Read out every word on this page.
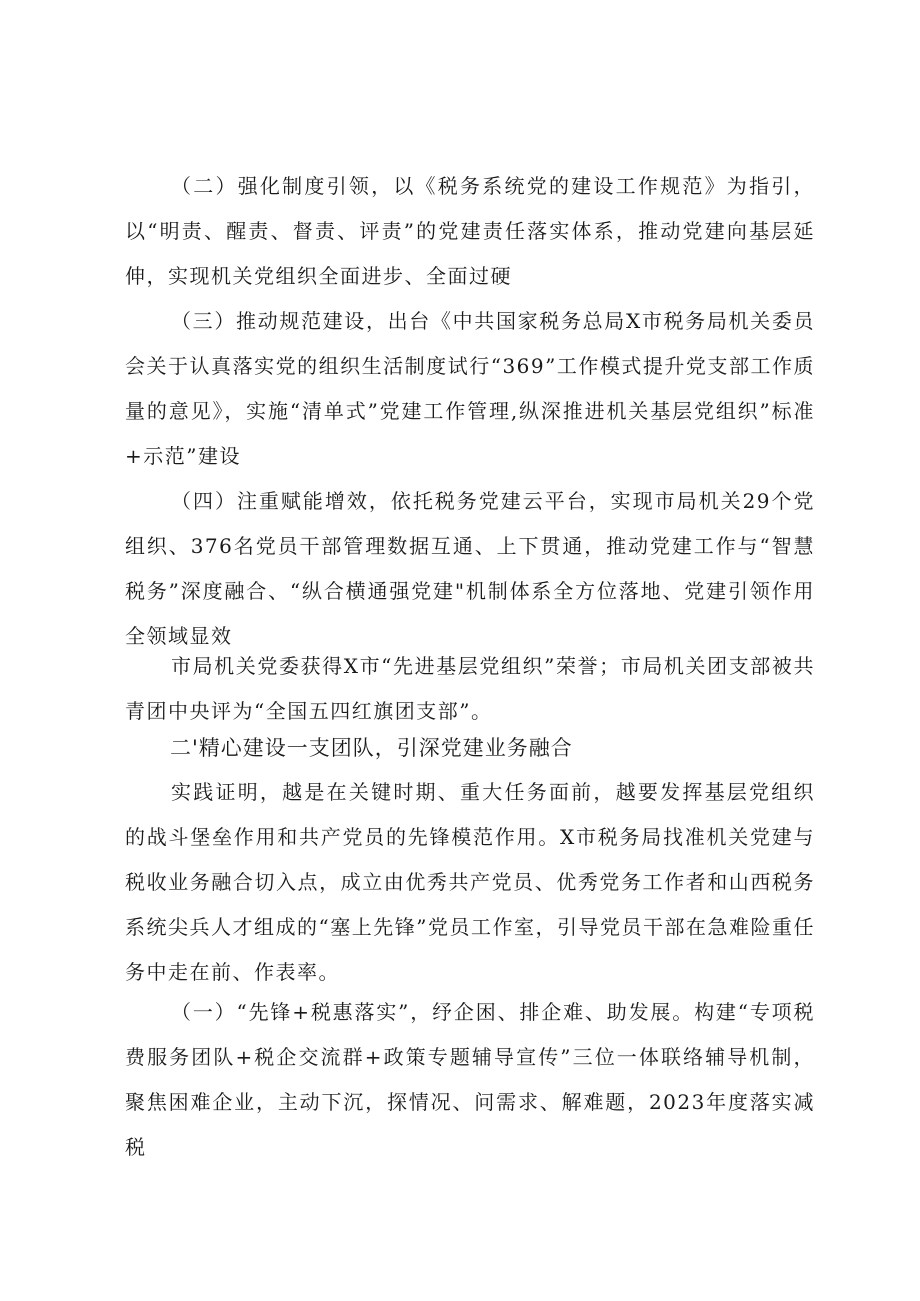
（二）强化制度引领，以《税务系统党的建设工作规范》为指引，以“明责、醒责、督责、评责”的党建责任落实体系，推动党建向基层延伸，实现机关党组织全面进步、全面过硬

（三）推动规范建设，出台《中共国家税务总局X市税务局机关委员会关于认真落实党的组织生活制度试行“369”工作模式提升党支部工作质量的意见》，实施“清单式”党建工作管理,纵深推进机关基层党组织”标准+示范”建设

（四）注重赋能增效，依托税务党建云平台，实现市局机关29个党组织、376名党员干部管理数据互通、上下贯通，推动党建工作与“智慧税务”深度融合、“纵合横通强党建"机制体系全方位落地、党建引领作用全领域显效

市局机关党委获得X市“先进基层党组织”荣誉；市局机关团支部被共青团中央评为“全国五四红旗团支部”。

二'精心建设一支团队，引深党建业务融合

实践证明，越是在关键时期、重大任务面前，越要发挥基层党组织的战斗堡垒作用和共产党员的先锋模范作用。X市税务局找准机关党建与税收业务融合切入点，成立由优秀共产党员、优秀党务工作者和山西税务系统尖兵人才组成的“塞上先锋”党员工作室，引导党员干部在急难险重任务中走在前、作表率。

（一）“先锋+税惠落实”，纾企困、排企难、助发展。构建“专项税费服务团队+税企交流群+政策专题辅导宣传”三位一体联络辅导机制，聚焦困难企业，主动下沉，探情况、问需求、解难题，2023年度落实减税
